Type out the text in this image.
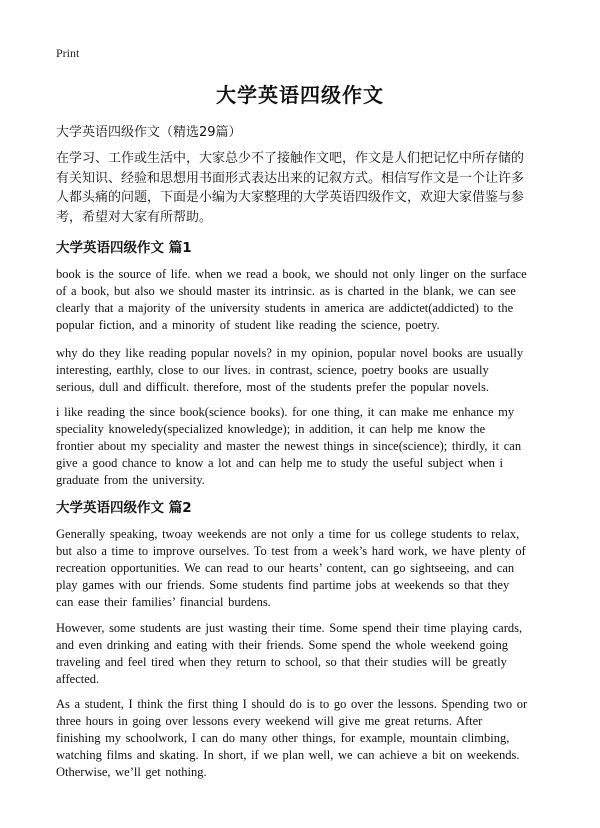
Print
大学英语四级作文
大学英语四级作文（精选29篇）
在学习、工作或生活中，大家总少不了接触作文吧，作文是人们把记忆中所存储的
有关知识、经验和思想用书面形式表达出来的记叙方式。相信写作文是一个让许多
人都头痛的问题，下面是小编为大家整理的大学英语四级作文，欢迎大家借鉴与参
考，希望对大家有所帮助。
大学英语四级作文 篇1
book is the source of life. when we read a book, we should not only linger on the surface
of a book, but also we should master its intrinsic. as is charted in the blank, we can see
clearly that a majority of the university students in america are addictet(addicted) to the
popular fiction, and a minority of student like reading the science, poetry.
why do they like reading popular novels? in my opinion, popular novel books are usually
interesting, earthly, close to our lives. in contrast, science, poetry books are usually
serious, dull and difficult. therefore, most of the students prefer the popular novels.
i like reading the since book(science books). for one thing, it can make me enhance my
speciality knoweledy(specialized knowledge); in addition, it can help me know the
frontier about my speciality and master the newest things in since(science); thirdly, it can
give a good chance to know a lot and can help me to study the useful subject when i
graduate from the university.
大学英语四级作文 篇2
Generally speaking, twoay weekends are not only a time for us college students to relax,
but also a time to improve ourselves. To test from a week’s hard work, we have plenty of
recreation opportunities. We can read to our hearts’ content, can go sightseeing, and can
play games with our friends. Some students find partime jobs at weekends so that they
can ease their families’ financial burdens.
However, some students are just wasting their time. Some spend their time playing cards,
and even drinking and eating with their friends. Some spend the whole weekend going
traveling and feel tired when they return to school, so that their studies will be greatly
affected.
As a student, I think the first thing I should do is to go over the lessons. Spending two or
three hours in going over lessons every weekend will give me great returns. After
finishing my schoolwork, I can do many other things, for example, mountain climbing,
watching films and skating. In short, if we plan well, we can achieve a bit on weekends.
Otherwise, we’ll get nothing.
